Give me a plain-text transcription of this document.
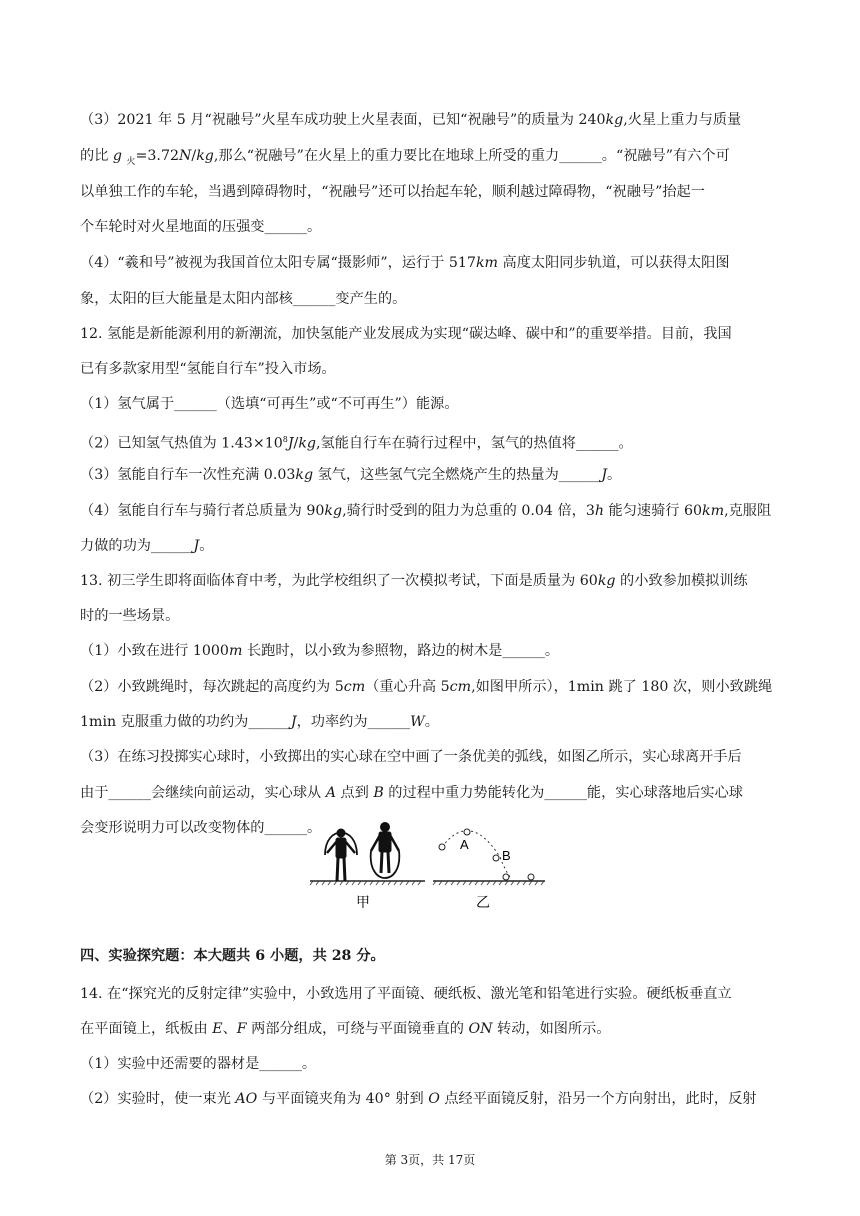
（3）2021 年 5 月“祝融号”火星车成功驶上火星表面，已知“祝融号”的质量为 240kg,火星上重力与质量
的比 g $_火$=3.72N/kg,那么“祝融号”在火星上的重力要比在地球上所受的重力______。“祝融号”有六个可
以单独工作的车轮，当遇到障碍物时，“祝融号”还可以抬起车轮，顺利越过障碍物，“祝融号”抬起一
个车轮时对火星地面的压强变______。
（4）“羲和号”被视为我国首位太阳专属“摄影师”，运行于 517km 高度太阳同步轨道，可以获得太阳图
象，太阳的巨大能量是太阳内部核______变产生的。
12. 氢能是新能源利用的新潮流，加快氢能产业发展成为实现“碳达峰、碳中和”的重要举措。目前，我国
已有多款家用型“氢能自行车”投入市场。
（1）氢气属于______（选填“可再生”或“不可再生”）能源。
（2）已知氢气热值为 $1.43\times 10^8J/kg$,氢能自行车在骑行过程中，氢气的热值将______。
（3）氢能自行车一次性充满 0.03kg 氢气，这些氢气完全燃烧产生的热量为______J。
（4）氢能自行车与骑行者总质量为 90kg,骑行时受到的阻力为总重的 0.04 倍，3h 能匀速骑行 60km,克服阻
力做的功为______J。
13. 初三学生即将面临体育中考，为此学校组织了一次模拟考试，下面是质量为 60kg 的小致参加模拟训练
时的一些场景。
（1）小致在进行 1000m 长跑时，以小致为参照物，路边的树木是______。
（2）小致跳绳时，每次跳起的高度约为 5cm（重心升高 5cm,如图甲所示），1min 跳了 180 次，则小致跳绳
1min 克服重力做的功约为______J，功率约为______W。
（3）在练习投掷实心球时，小致掷出的实心球在空中画了一条优美的弧线，如图乙所示，实心球离开手后
由于______会继续向前运动，实心球从 A 点到 B 的过程中重力势能转化为______能，实心球落地后实心球
会变形说明力可以改变物体的______。
四、实验探究题：本大题共 6 小题，共 28 分。
14. 在“探究光的反射定律”实验中，小致选用了平面镜、硬纸板、激光笔和铅笔进行实验。硬纸板垂直立
在平面镜上，纸板由 E、F 两部分组成，可绕与平面镜垂直的 ON 转动，如图所示。
（1）实验中还需要的器材是______。
（2）实验时，使一束光 AO 与平面镜夹角为 40° 射到 O 点经平面镜反射，沿另一个方向射出，此时，反射
A
B
甲	乙
第 3页，共 17页
